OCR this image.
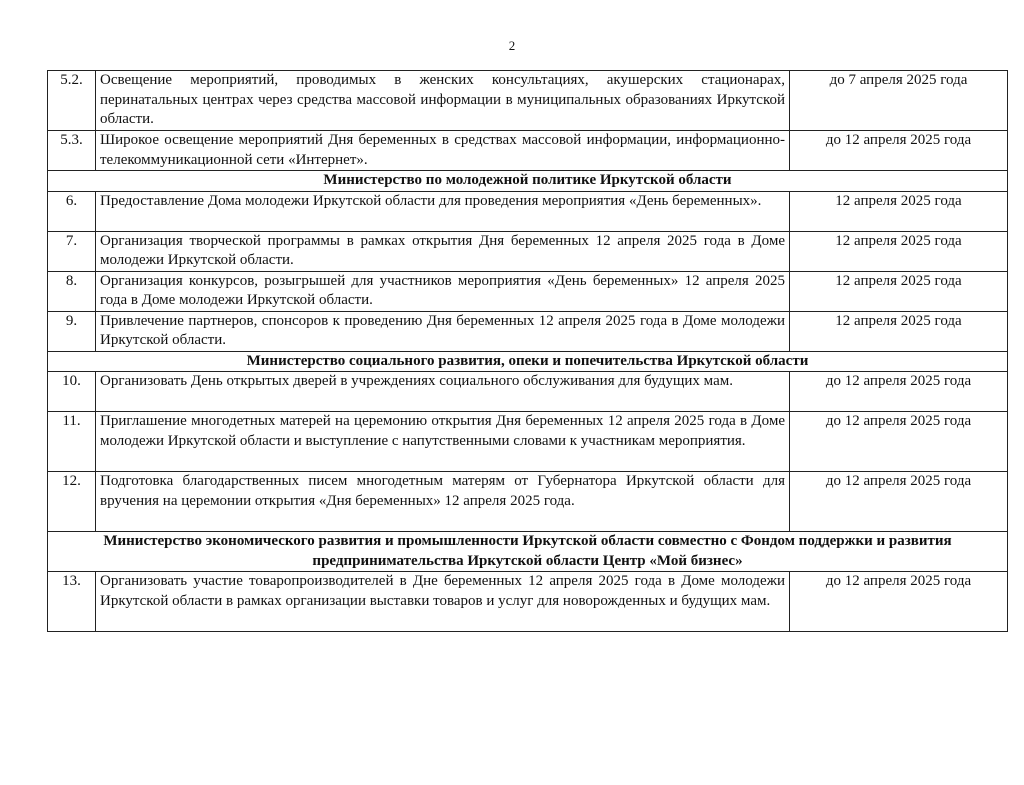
2
5.2.	Освещение мероприятий, проводимых в женских консультациях, акушерских стационарах, перинатальных центрах через средства массовой информации в муниципальных образованиях Иркутской области.	до 7 апреля 2025 года
5.3.	Широкое освещение мероприятий Дня беременных в средствах массовой информации, информационно-телекоммуникационной сети «Интернет».	до 12 апреля 2025 года
Министерство по молодежной политике Иркутской области		
6.	Предоставление Дома молодежи Иркутской области для проведения мероприятия «День беременных».	12 апреля 2025 года
7.	Организация творческой программы в рамках открытия Дня беременных 12 апреля 2025 года в Доме молодежи Иркутской области.	12 апреля 2025 года
8.	Организация конкурсов, розыгрышей для участников мероприятия «День беременных» 12 апреля 2025 года в Доме молодежи Иркутской области.	12 апреля 2025 года
9.	Привлечение партнеров, спонсоров к проведению Дня беременных 12 апреля 2025 года в Доме молодежи Иркутской области.	12 апреля 2025 года
Министерство социального развития, опеки и попечительства Иркутской области		
10.	Организовать День открытых дверей в учреждениях социального обслуживания для будущих мам.	до 12 апреля 2025 года
11.	Приглашение многодетных матерей на церемонию открытия Дня беременных 12 апреля 2025 года в Доме молодежи Иркутской области и выступление с напутственными словами к участникам мероприятия.	до 12 апреля 2025 года
12.	Подготовка благодарственных писем многодетным матерям от Губернатора Иркутской области для вручения на церемонии открытия «Дня беременных» 12 апреля 2025 года.	до 12 апреля 2025 года
Министерство экономического развития и промышленности Иркутской области совместно с Фондом поддержки и развития предпринимательства Иркутской области Центр «Мой бизнес»		
13.	Организовать участие товаропроизводителей в Дне беременных 12 апреля 2025 года в Доме молодежи Иркутской области в рамках организации выставки товаров и услуг для новорожденных и будущих мам.	до 12 апреля 2025 года
